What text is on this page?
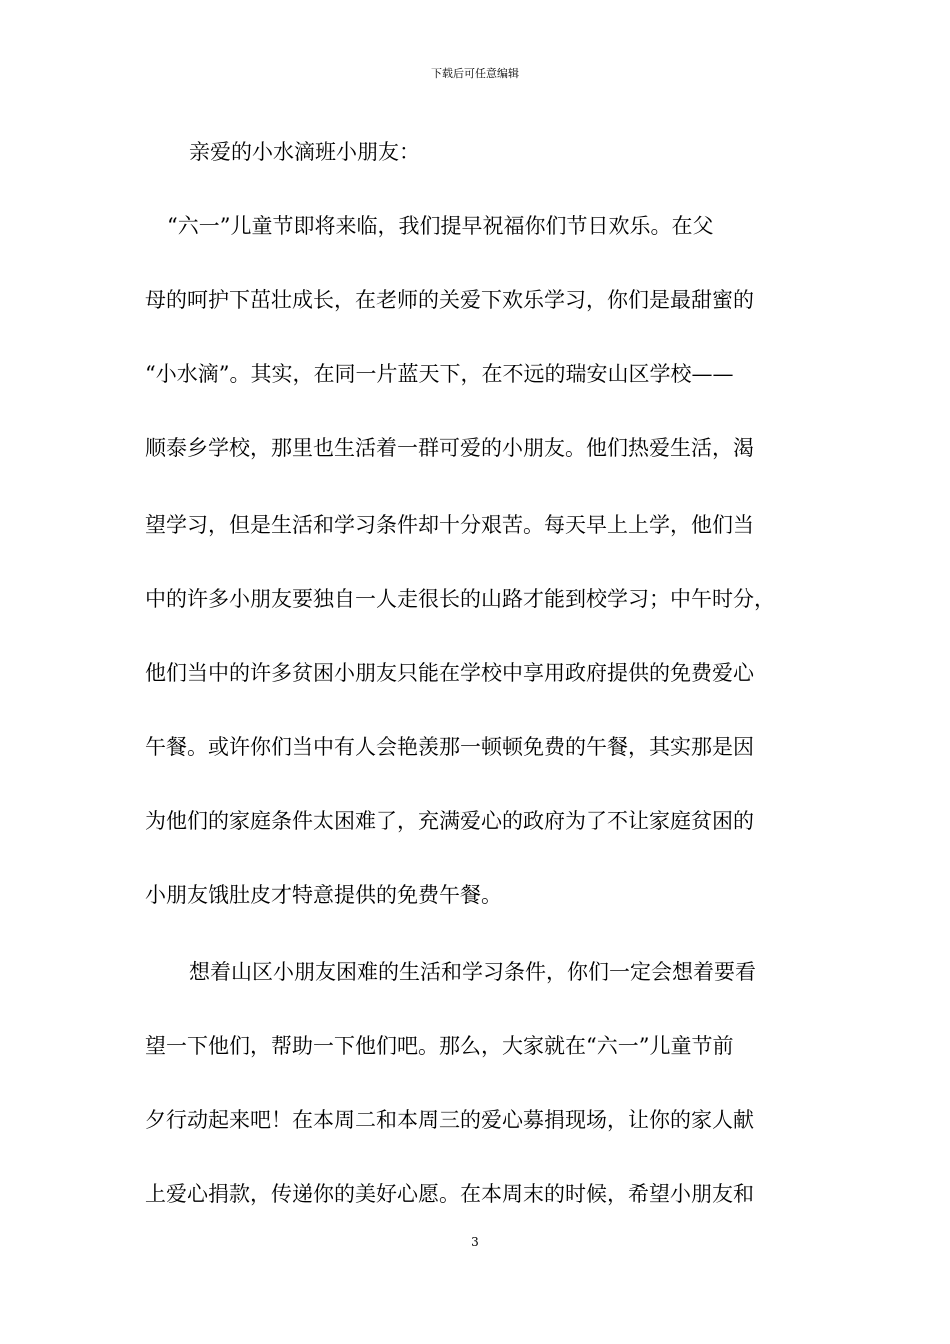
下载后可任意编辑
亲爱的小水滴班小朋友：
“六一”儿童节即将来临，我们提早祝福你们节日欢乐。在父
母的呵护下茁壮成长，在老师的关爱下欢乐学习，你们是最甜蜜的
“小水滴”。其实，在同一片蓝天下，在不远的瑞安山区学校——
顺泰乡学校，那里也生活着一群可爱的小朋友。他们热爱生活，渴
望学习，但是生活和学习条件却十分艰苦。每天早上上学，他们当
中的许多小朋友要独自一人走很长的山路才能到校学习；中午时分，
他们当中的许多贫困小朋友只能在学校中享用政府提供的免费爱心
午餐。或许你们当中有人会艳羡那一顿顿免费的午餐，其实那是因
为他们的家庭条件太困难了，充满爱心的政府为了不让家庭贫困的
小朋友饿肚皮才特意提供的免费午餐。
想着山区小朋友困难的生活和学习条件，你们一定会想着要看
望一下他们，帮助一下他们吧。那么，大家就在“六一”儿童节前
夕行动起来吧！在本周二和本周三的爱心募捐现场，让你的家人献
上爱心捐款，传递你的美好心愿。在本周末的时候，希望小朋友和
3
